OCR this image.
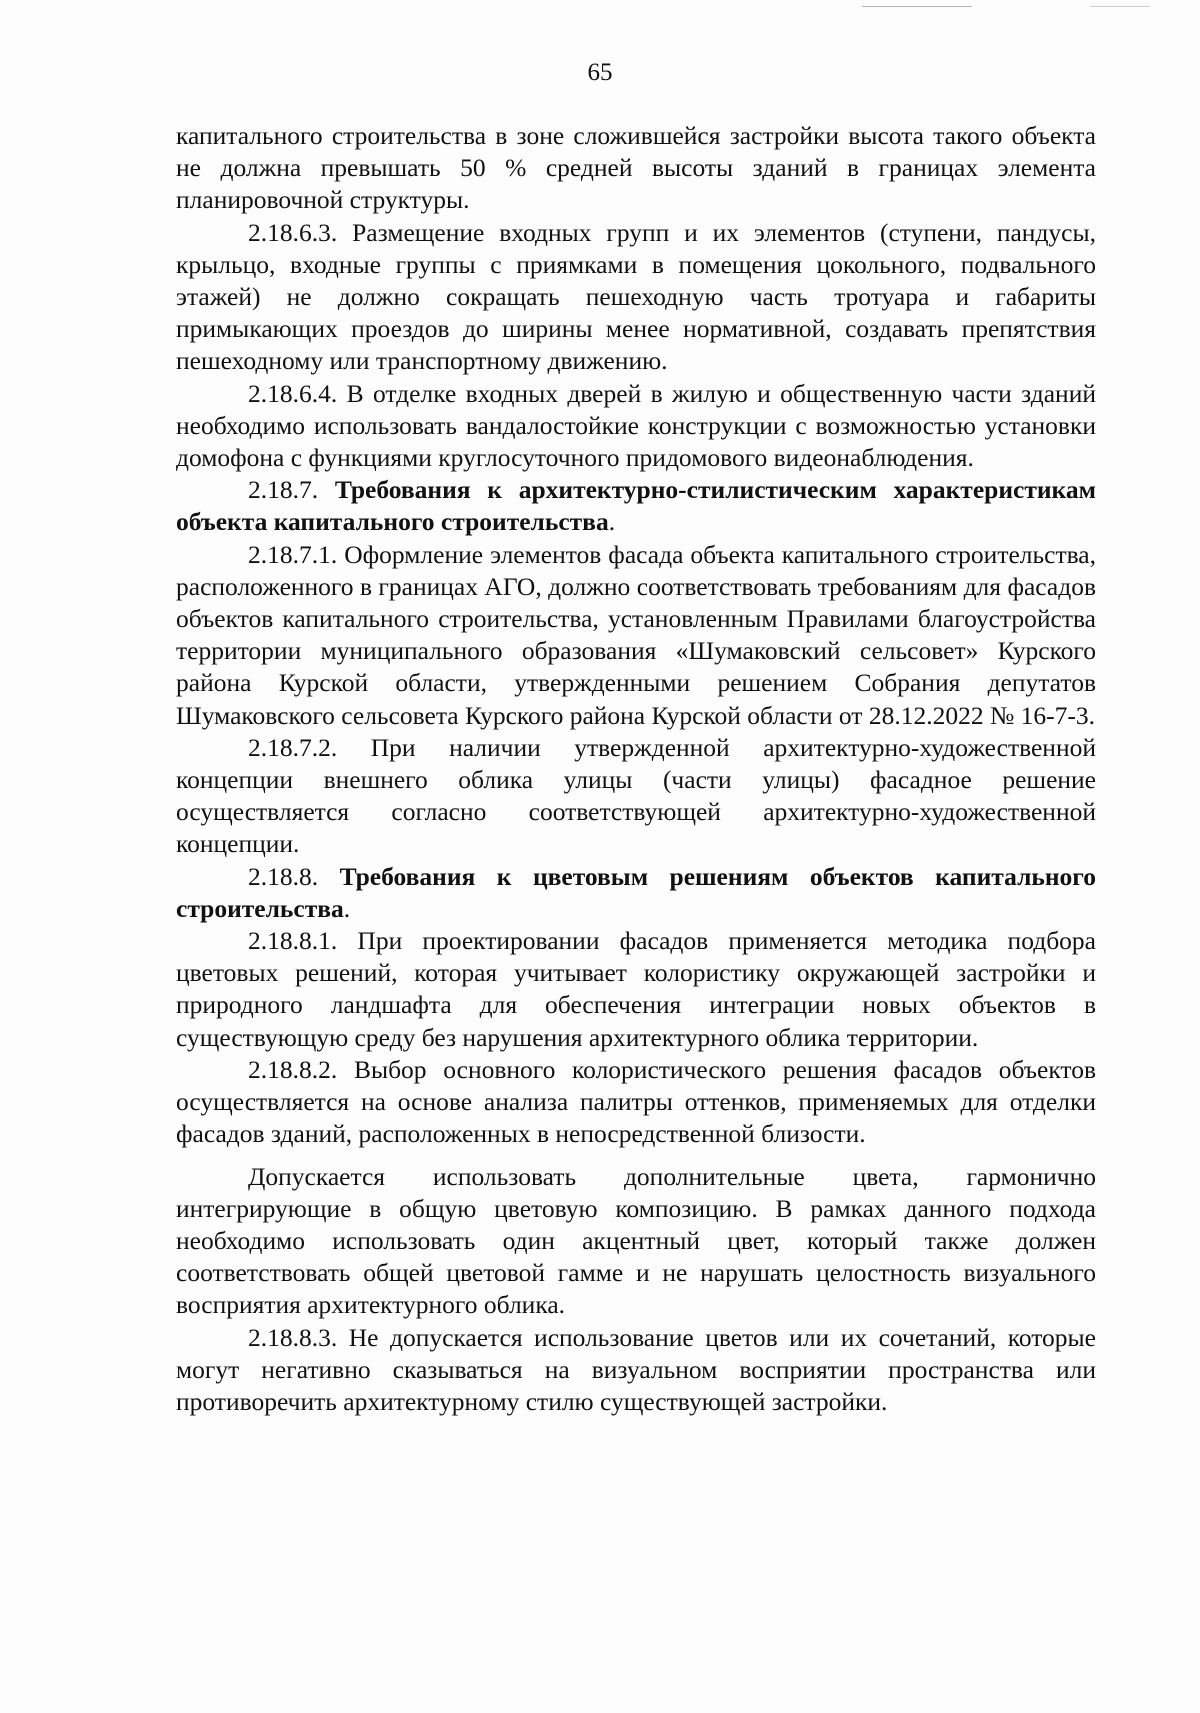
65

капитального строительства в зоне сложившейся застройки высота такого объекта не должна превышать 50 % средней высоты зданий в границах элемента планировочной структуры.

2.18.6.3. Размещение входных групп и их элементов (ступени, пандусы, крыльцо, входные группы с приямками в помещения цокольного, подвального этажей) не должно сокращать пешеходную часть тротуара и габариты примыкающих проездов до ширины менее нормативной, создавать препятствия пешеходному или транспортному движению.

2.18.6.4. В отделке входных дверей в жилую и общественную части зданий необходимо использовать вандалостойкие конструкции с возможностью установки домофона с функциями круглосуточного придомового видеонаблюдения.

2.18.7. Требования к архитектурно-стилистическим характеристикам объекта капитального строительства.

2.18.7.1. Оформление элементов фасада объекта капитального строительства, расположенного в границах АГО, должно соответствовать требованиям для фасадов объектов капитального строительства, установленным Правилами благоустройства территории муниципального образования «Шумаковский сельсовет» Курского района Курской области, утвержденными решением Собрания депутатов Шумаковского сельсовета Курского района Курской области от 28.12.2022 № 16-7-3.

2.18.7.2. При наличии утвержденной архитектурно-художественной концепции внешнего облика улицы (части улицы) фасадное решение осуществляется согласно соответствующей архитектурно-художественной концепции.

2.18.8. Требования к цветовым решениям объектов капитального строительства.

2.18.8.1. При проектировании фасадов применяется методика подбора цветовых решений, которая учитывает колористику окружающей застройки и природного ландшафта для обеспечения интеграции новых объектов в существующую среду без нарушения архитектурного облика территории.

2.18.8.2. Выбор основного колористического решения фасадов объектов осуществляется на основе анализа палитры оттенков, применяемых для отделки фасадов зданий, расположенных в непосредственной близости.

Допускается использовать дополнительные цвета, гармонично интегрирующие в общую цветовую композицию. В рамках данного подхода необходимо использовать один акцентный цвет, который также должен соответствовать общей цветовой гамме и не нарушать целостность визуального восприятия архитектурного облика.

2.18.8.3. Не допускается использование цветов или их сочетаний, которые могут негативно сказываться на визуальном восприятии пространства или противоречить архитектурному стилю существующей застройки.
